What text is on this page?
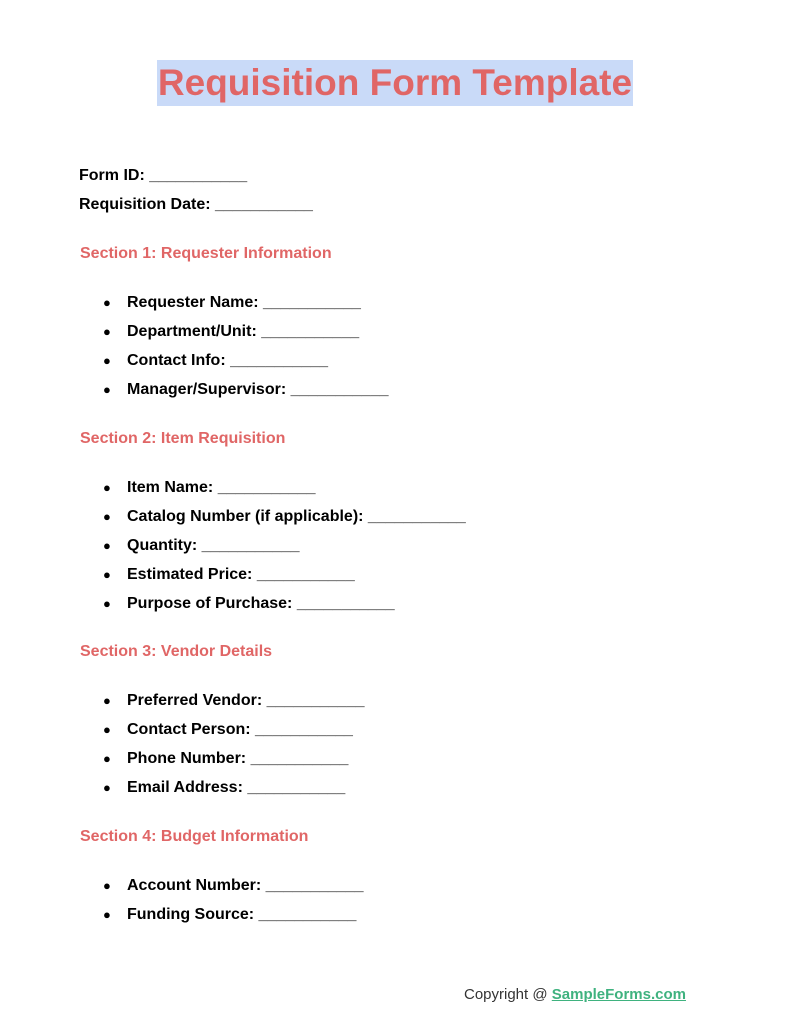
Requisition Form Template
Form ID: ___________
Requisition Date: ___________
Section 1: Requester Information
● Requester Name: ___________
● Department/Unit: ___________
● Contact Info: ___________
● Manager/Supervisor: ___________
Section 2: Item Requisition
● Item Name: ___________
● Catalog Number (if applicable): ___________
● Quantity: ___________
● Estimated Price: ___________
● Purpose of Purchase: ___________
Section 3: Vendor Details
● Preferred Vendor: ___________
● Contact Person: ___________
● Phone Number: ___________
● Email Address: ___________
Section 4: Budget Information
● Account Number: ___________
● Funding Source: ___________
Copyright @ SampleForms.com
